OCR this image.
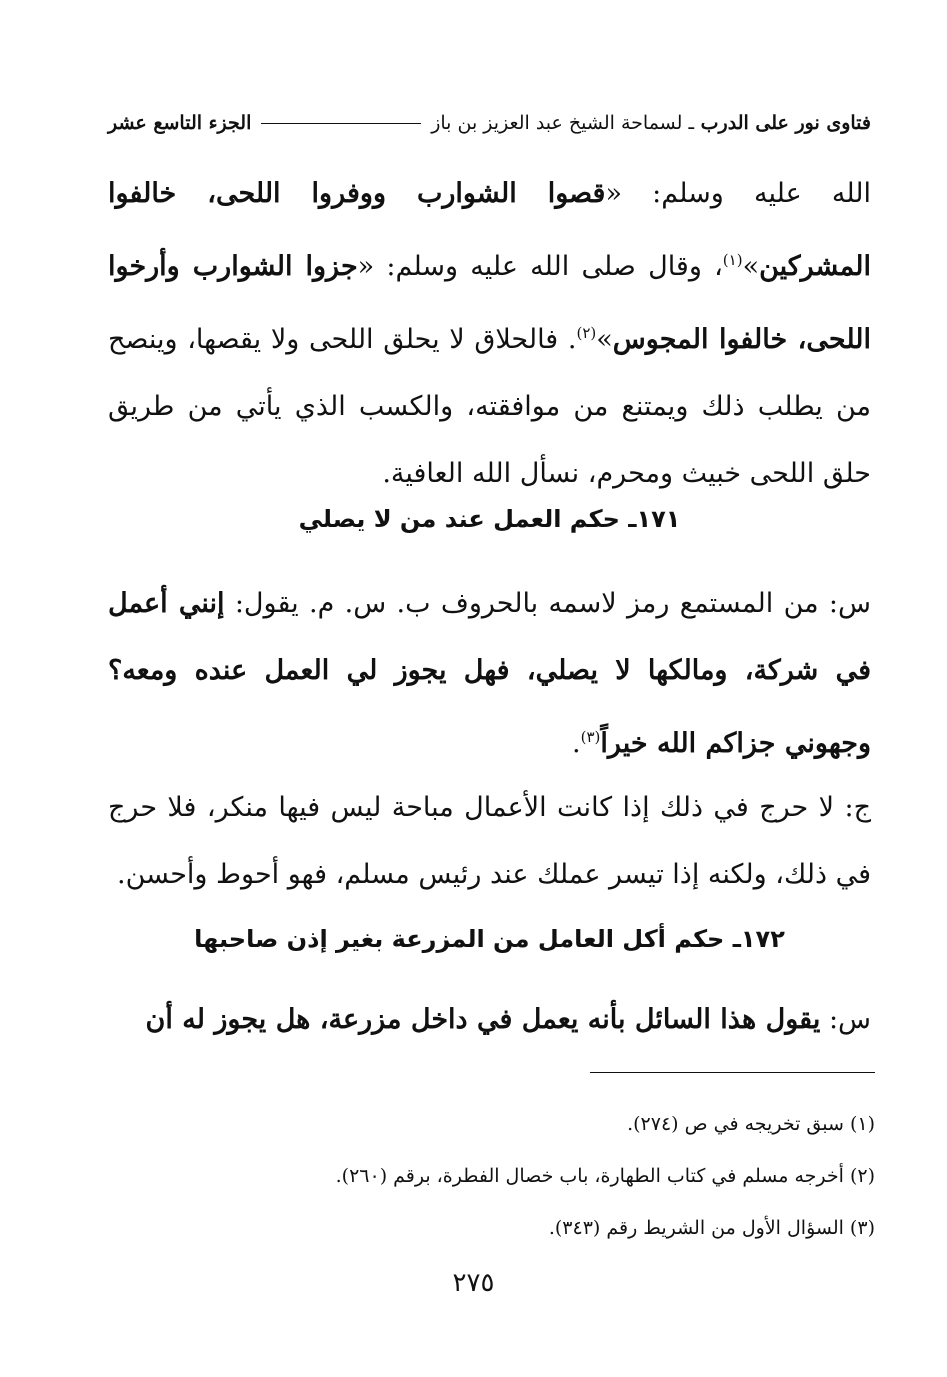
فتاوى نور على الدرب ـ لسماحة الشيخ عبد العزيز بن باز
الجزء التاسع عشر
الله عليه وسلم: «قصوا الشوارب ووفروا اللحى، خالفوا المشركين»$^{(١)}$، وقال صلى الله عليه وسلم: «جزوا الشوارب وأرخوا اللحى، خالفوا المجوس»$^{(٢)}$. فالحلاق لا يحلق اللحى ولا يقصها، وينصح من يطلب ذلك ويمتنع من موافقته، والكسب الذي يأتي من طريق حلق اللحى خبيث ومحرم، نسأل الله العافية.
١٧١ـ حكم العمل عند من لا يصلي
س: من المستمع رمز لاسمه بالحروف ب. س. م. يقول: إنني أعمل في شركة، ومالكها لا يصلي، فهل يجوز لي العمل عنده ومعه؟ وجهوني جزاكم الله خيراً$^{(٣)}$.
ج: لا حرج في ذلك إذا كانت الأعمال مباحة ليس فيها منكر، فلا حرج في ذلك، ولكنه إذا تيسر عملك عند رئيس مسلم، فهو أحوط وأحسن.
١٧٢ـ حكم أكل العامل من المزرعة بغير إذن صاحبها
س: يقول هذا السائل بأنه يعمل في داخل مزرعة، هل يجوز له أن
(١) سبق تخريجه في ص (٢٧٤).
(٢) أخرجه مسلم في كتاب الطهارة، باب خصال الفطرة، برقم (٢٦٠).
(٣) السؤال الأول من الشريط رقم (٣٤٣).
٢٧٥
